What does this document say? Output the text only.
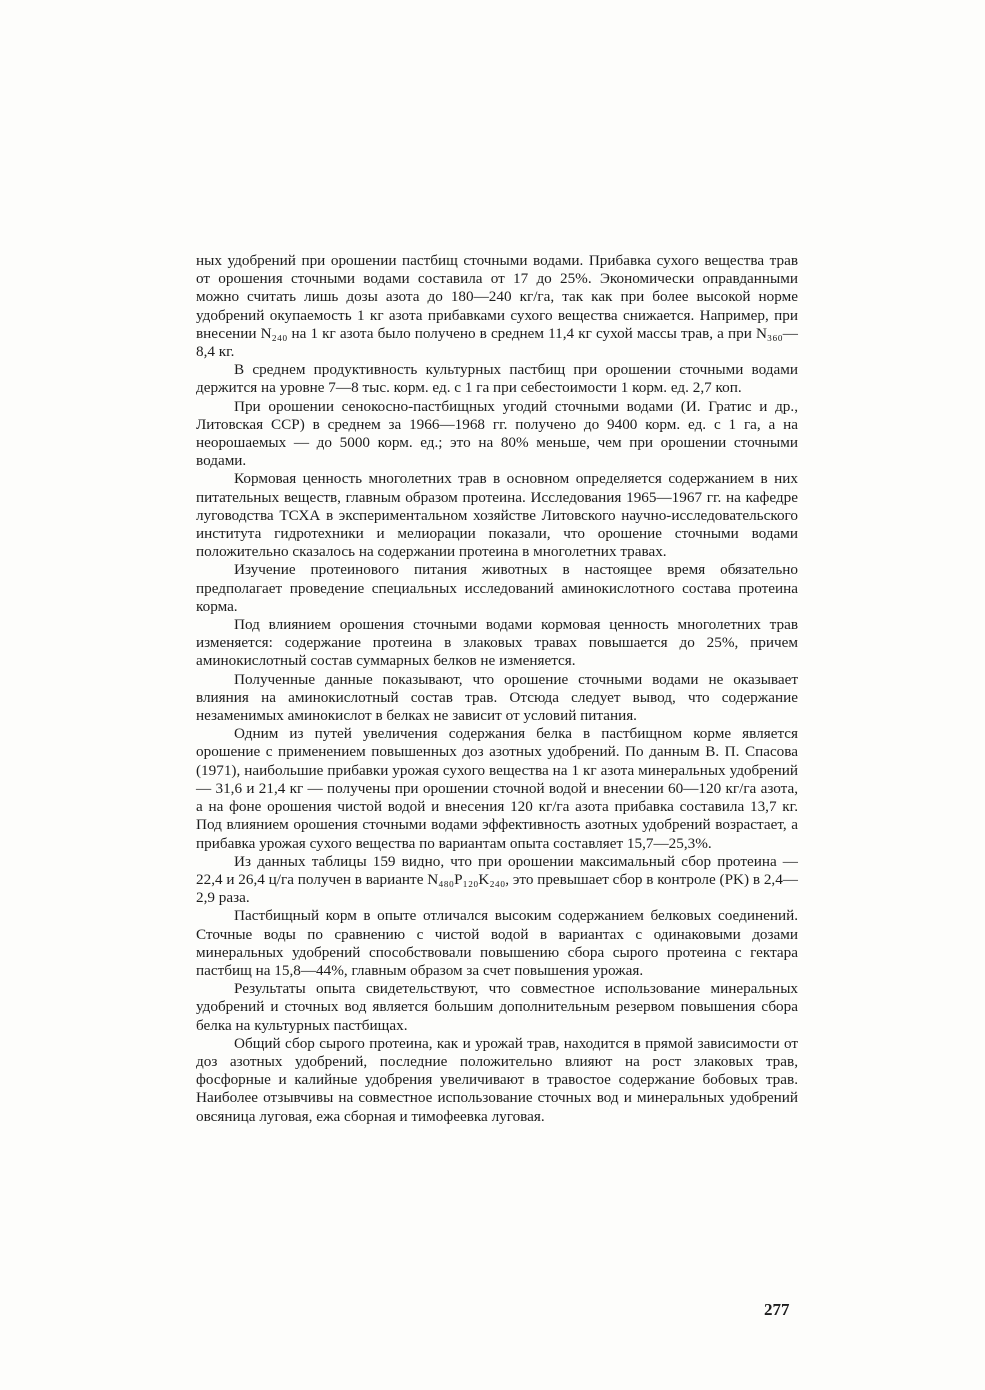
ных удобрений при орошении пастбищ сточными водами. Прибавка сухого вещества трав от орошения сточными водами составила от 17 до 25%. Экономически оправданными можно считать лишь дозы азота до 180—240 кг/га, так как при более высокой норме удобрений окупаемость 1 кг азота прибавками сухого вещества снижается. Например, при внесении N₂₄₀ на 1 кг азота было получено в среднем 11,4 кг сухой массы трав, а при N₃₆₀—8,4 кг.

В среднем продуктивность культурных пастбищ при орошении сточными водами держится на уровне 7—8 тыс. корм. ед. с 1 га при себестоимости 1 корм. ед. 2,7 коп.

При орошении сенокосно-пастбищных угодий сточными водами (И. Гратис и др., Литовская ССР) в среднем за 1966—1968 гг. получено до 9400 корм. ед. с 1 га, а на неорошаемых — до 5000 корм. ед.; это на 80% меньше, чем при орошении сточными водами.

Кормовая ценность многолетних трав в основном определяется содержанием в них питательных веществ, главным образом протеина. Исследования 1965—1967 гг. на кафедре луговодства ТСХА в экспериментальном хозяйстве Литовского научно-исследовательского института гидротехники и мелиорации показали, что орошение сточными водами положительно сказалось на содержании протеина в многолетних травах.

Изучение протеинового питания животных в настоящее время обязательно предполагает проведение специальных исследований аминокислотного состава протеина корма.

Под влиянием орошения сточными водами кормовая ценность многолетних трав изменяется: содержание протеина в злаковых травах повышается до 25%, причем аминокислотный состав суммарных белков не изменяется.

Полученные данные показывают, что орошение сточными водами не оказывает влияния на аминокислотный состав трав. Отсюда следует вывод, что содержание незаменимых аминокислот в белках не зависит от условий питания.

Одним из путей увеличения содержания белка в пастбищном корме является орошение с применением повышенных доз азотных удобрений. По данным В. П. Спасова (1971), наибольшие прибавки урожая сухого вещества на 1 кг азота минеральных удобрений — 31,6 и 21,4 кг — получены при орошении сточной водой и внесении 60—120 кг/га азота, а на фоне орошения чистой водой и внесения 120 кг/га азота прибавка составила 13,7 кг. Под влиянием орошения сточными водами эффективность азотных удобрений возрастает, а прибавка урожая сухого вещества по вариантам опыта составляет 15,7—25,3%.

Из данных таблицы 159 видно, что при орошении максимальный сбор протеина — 22,4 и 26,4 ц/га получен в варианте N₄₈₀P₁₂₀K₂₄₀, это превышает сбор в контроле (PK) в 2,4—2,9 раза.

Пастбищный корм в опыте отличался высоким содержанием белковых соединений. Сточные воды по сравнению с чистой водой в вариантах с одинаковыми дозами минеральных удобрений способствовали повышению сбора сырого протеина с гектара пастбищ на 15,8—44%, главным образом за счет повышения урожая.

Результаты опыта свидетельствуют, что совместное использование минеральных удобрений и сточных вод является большим дополнительным резервом повышения сбора белка на культурных пастбищах.

Общий сбор сырого протеина, как и урожай трав, находится в прямой зависимости от доз азотных удобрений, последние положительно влияют на рост злаковых трав, фосфорные и калийные удобрения увеличивают в травостое содержание бобовых трав. Наиболее отзывчивы на совместное использование сточных вод и минеральных удобрений овсяница луговая, ежа сборная и тимофеевка луговая.

277
